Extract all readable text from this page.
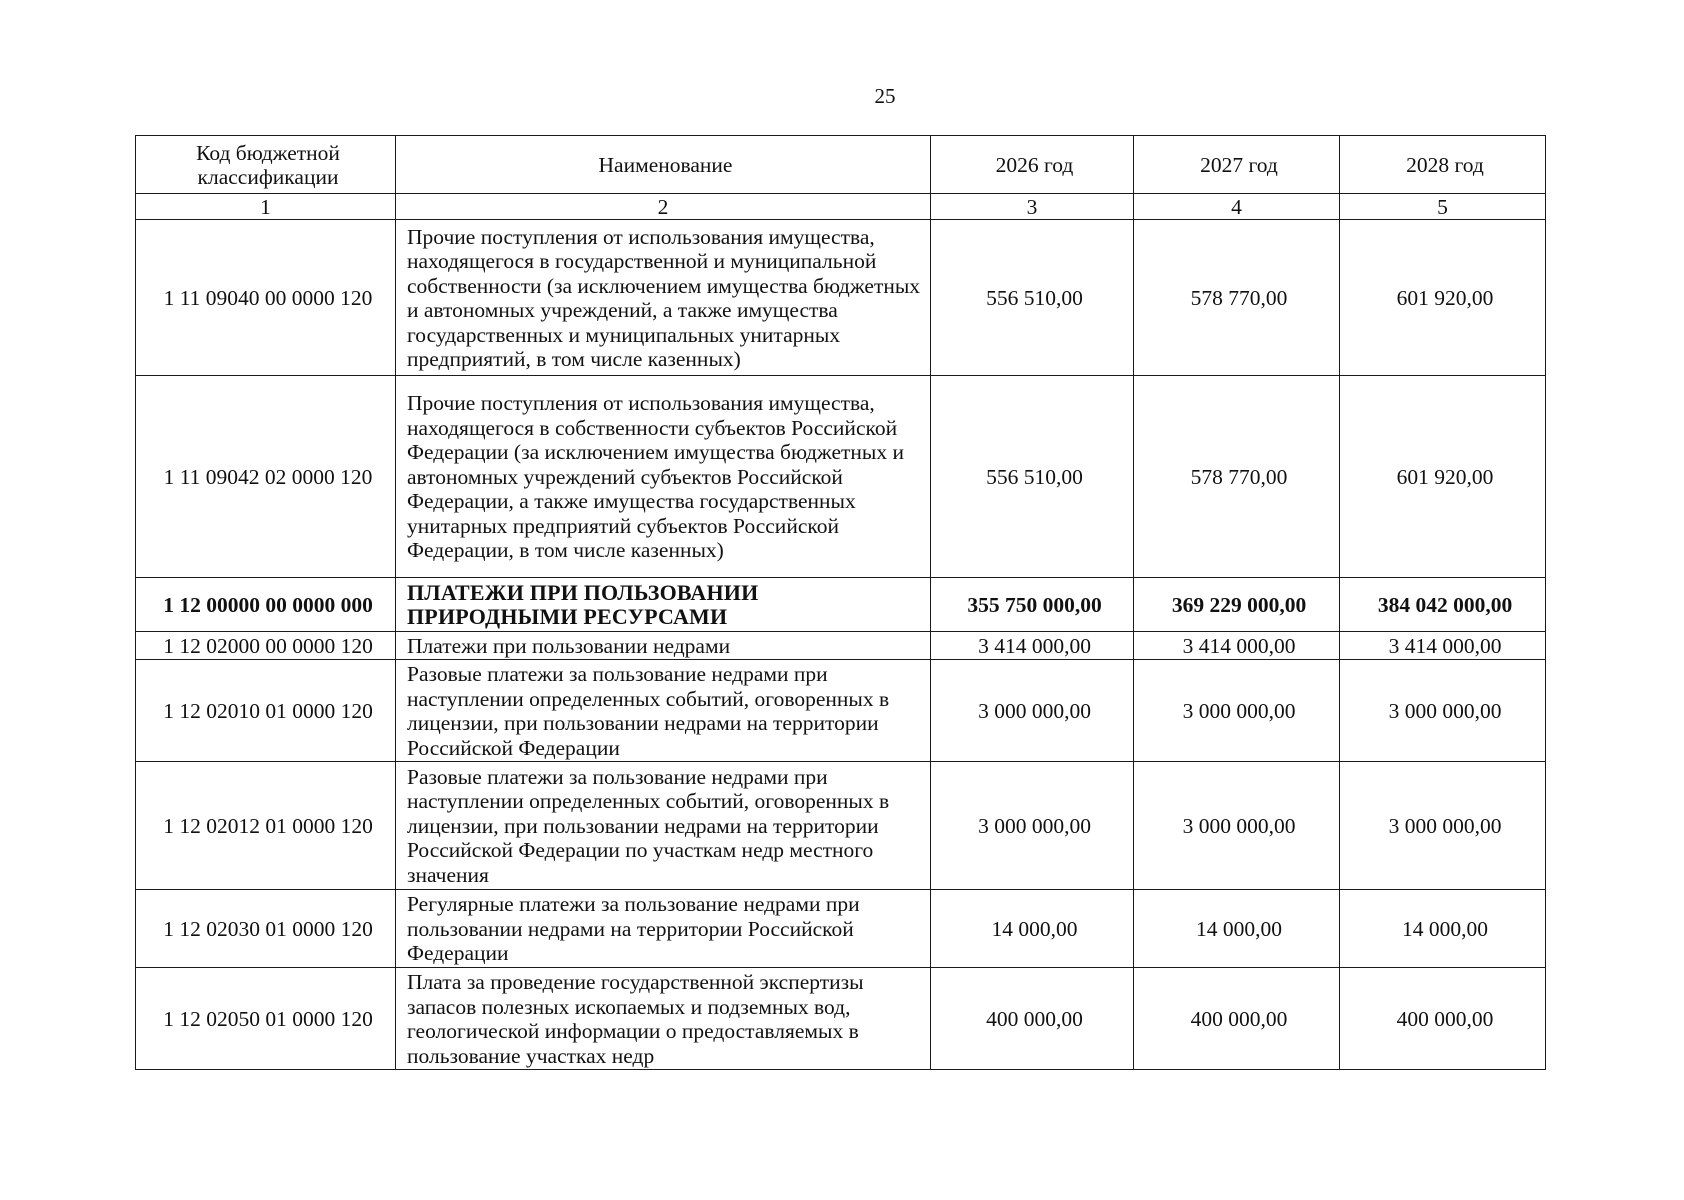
25
Код бюджетной классификации	Наименование	2026 год	2027 год	2028 год
1	2	3	4	5
1 11 09040 00 0000 120	Прочие поступления от использования имущества, находящегося в государственной и муниципальной собственности (за исключением имущества бюджетных и автономных учреждений, а также имущества государственных и муниципальных унитарных предприятий, в том числе казенных)	556 510,00	578 770,00	601 920,00
1 11 09042 02 0000 120	Прочие поступления от использования имущества, находящегося в собственности субъектов Российской Федерации (за исключением имущества бюджетных и автономных учреждений субъектов Российской Федерации, а также имущества государственных унитарных предприятий субъектов Российской Федерации, в том числе казенных)	556 510,00	578 770,00	601 920,00
1 12 00000 00 0000 000	ПЛАТЕЖИ ПРИ ПОЛЬЗОВАНИИ ПРИРОДНЫМИ РЕСУРСАМИ	355 750 000,00	369 229 000,00	384 042 000,00
1 12 02000 00 0000 120	Платежи при пользовании недрами	3 414 000,00	3 414 000,00	3 414 000,00
1 12 02010 01 0000 120	Разовые платежи за пользование недрами при наступлении определенных событий, оговоренных в лицензии, при пользовании недрами на территории Российской Федерации	3 000 000,00	3 000 000,00	3 000 000,00
1 12 02012 01 0000 120	Разовые платежи за пользование недрами при наступлении определенных событий, оговоренных в лицензии, при пользовании недрами на территории Российской Федерации по участкам недр местного значения	3 000 000,00	3 000 000,00	3 000 000,00
1 12 02030 01 0000 120	Регулярные платежи за пользование недрами при пользовании недрами на территории Российской Федерации	14 000,00	14 000,00	14 000,00
1 12 02050 01 0000 120	Плата за проведение государственной экспертизы запасов полезных ископаемых и подземных вод, геологической информации о предоставляемых в пользование участках недр	400 000,00	400 000,00	400 000,00
